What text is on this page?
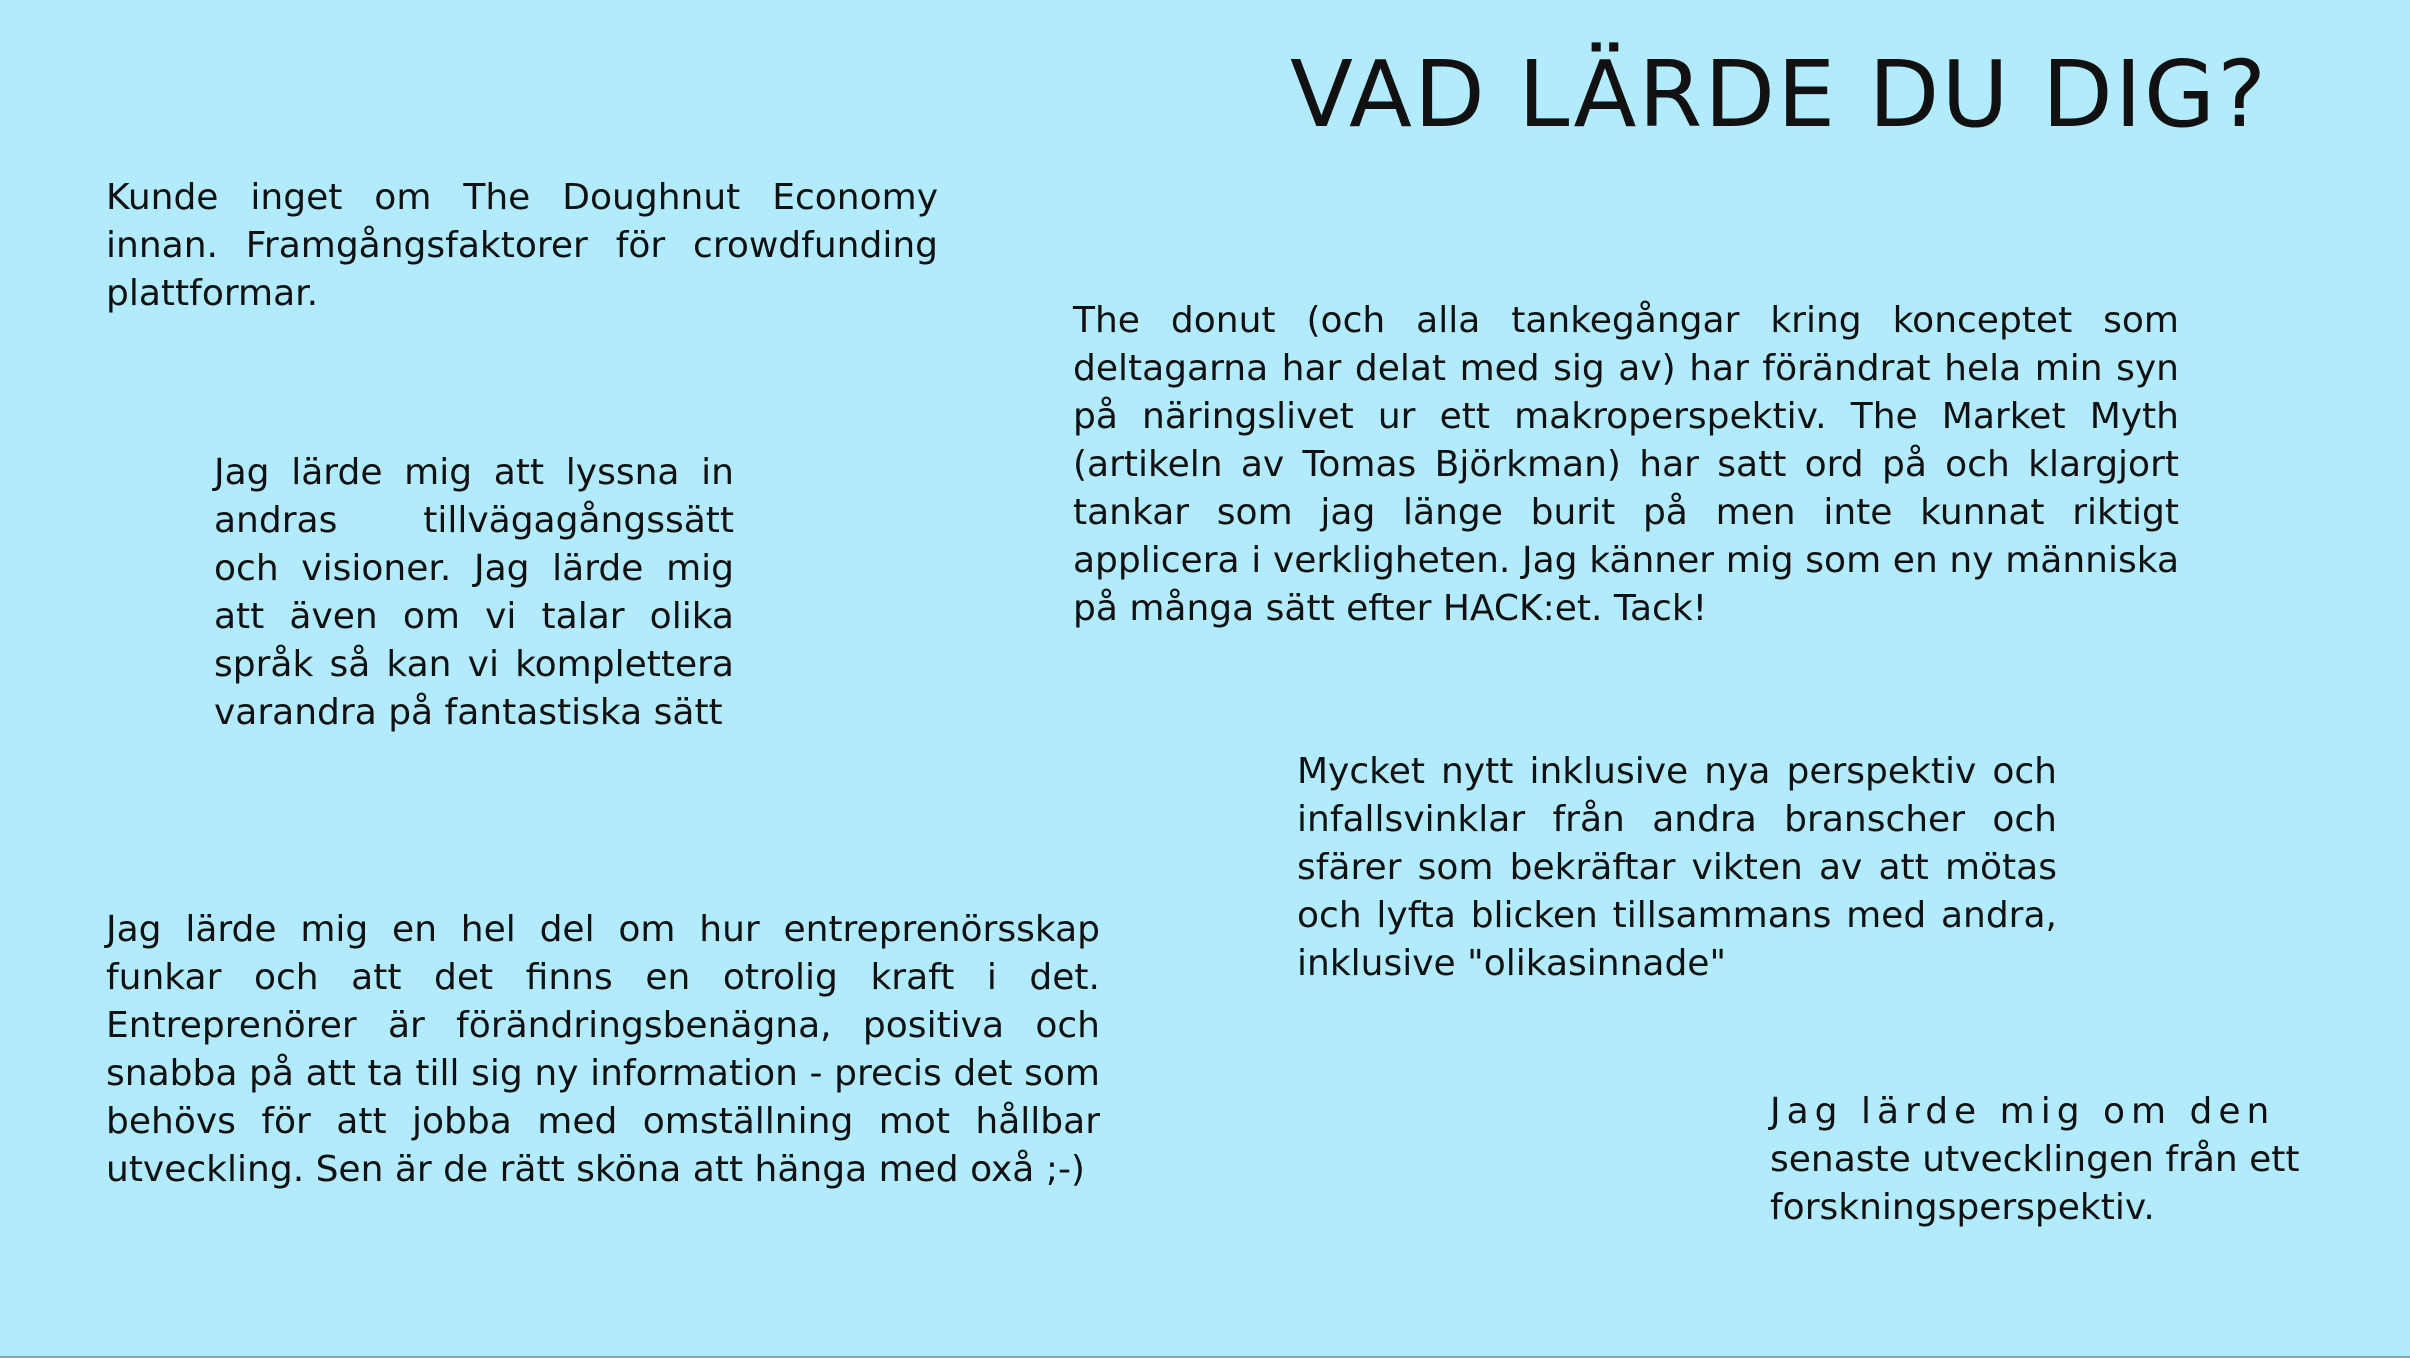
VAD LÄRDE DU DIG?

Kunde inget om The Doughnut Economy innan. Framgångsfaktorer för crowdfunding plattformar.

Jag lärde mig att lyssna in andras tillvägagångssätt och visioner. Jag lärde mig att även om vi talar olika språk så kan vi komplettera varandra på fantastiska sätt

The donut (och alla tankegångar kring konceptet som deltagarna har delat med sig av) har förändrat hela min syn på näringslivet ur ett makroperspektiv. The Market Myth (artikeln av Tomas Björkman) har satt ord på och klargjort tankar som jag länge burit på men inte kunnat riktigt applicera i verkligheten. Jag känner mig som en ny människa på många sätt efter HACK:et. Tack!

Mycket nytt inklusive nya perspektiv och infallsvinklar från andra branscher och sfärer som bekräftar vikten av att mötas och lyfta blicken tillsammans med andra, inklusive "olikasinnade"

Jag lärde mig en hel del om hur entreprenörsskap funkar och att det finns en otrolig kraft i det. Entreprenörer är förändringsbenägna, positiva och snabba på att ta till sig ny information - precis det som behövs för att jobba med omställning mot hållbar utveckling. Sen är de rätt sköna att hänga med oxå ;-)

Jag lärde mig om den
senaste utvecklingen från ett
forskningsperspektiv.
